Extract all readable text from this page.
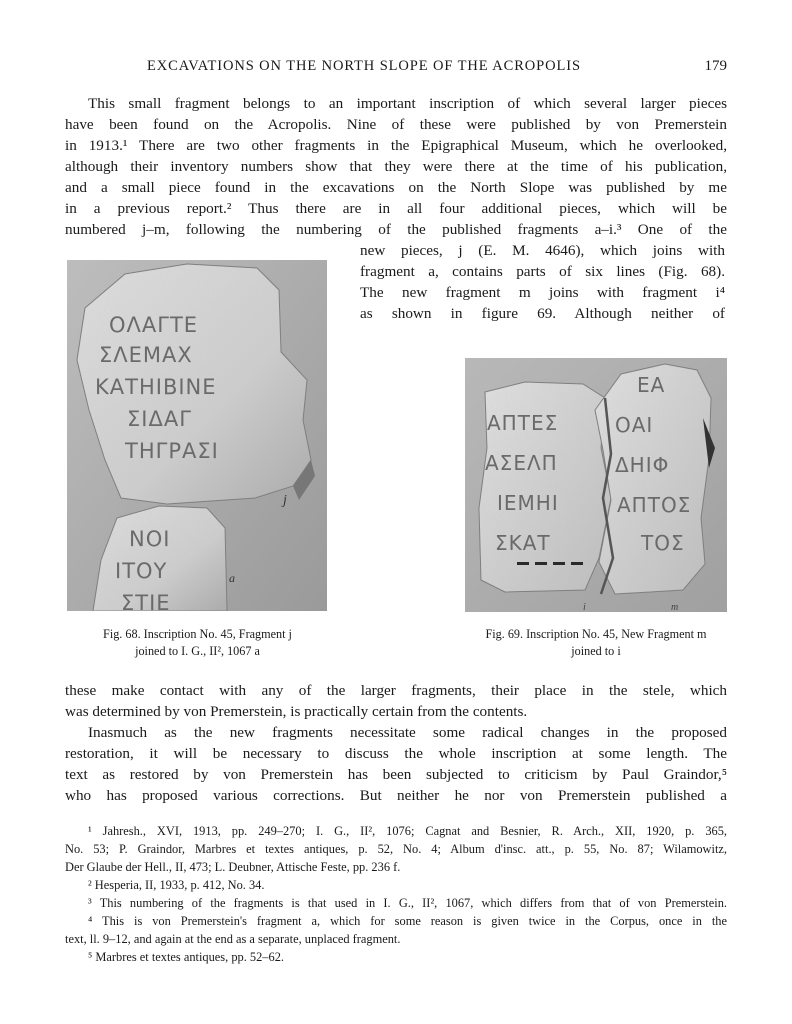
EXCAVATIONS ON THE NORTH SLOPE OF THE ACROPOLIS	179
This small fragment belongs to an important inscription of which several larger pieces
have been found on the Acropolis. Nine of these were published by von Premerstein
in 1913.¹ There are two other fragments in the Epigraphical Museum, which he overlooked,
although their inventory numbers show that they were there at the time of his publication,
and a small piece found in the excavations on the North Slope was published by me
in a previous report.² Thus there are in all four additional pieces, which will be
numbered j–m, following the numbering of the published fragments a–i.³ One of the
new pieces, j (E. M. 4646), which joins with
fragment a, contains parts of six lines (Fig. 68).
The new fragment m joins with fragment i⁴
as shown in figure 69. Although neither of
ΟΛΑΓΤΕ
ΣΛΕΜΑΧ
ΚΑΤΗΙΒΙΝΕ
ΣΙΔΑΓ
ΤΗΓΡΑΣΙ
ΝΟΙ
ΙΤΟΥ
ΣΤΙΕ
j
a
ΑΠΤΕΣ
ΑΣΕΛΠ
ΙΕΜΗΙ
ΣΚΑΤ
ΕΑ
ΟΑΙ
ΔΗΙΦ
ΑΠΤΟΣ
ΤΟΣ
i	m
Fig. 68. Inscription No. 45, Fragment j
joined to I. G., II², 1067 a
Fig. 69. Inscription No. 45, New Fragment m
joined to i
these make contact with any of the larger fragments, their place in the stele, which
was determined by von Premerstein, is practically certain from the contents.
Inasmuch as the new fragments necessitate some radical changes in the proposed
restoration, it will be necessary to discuss the whole inscription at some length. The
text as restored by von Premerstein has been subjected to criticism by Paul Graindor,⁵
who has proposed various corrections. But neither he nor von Premerstein published a
¹ Jahresh., XVI, 1913, pp. 249–270; I. G., II², 1076; Cagnat and Besnier, R. Arch., XII, 1920, p. 365,
No. 53; P. Graindor, Marbres et textes antiques, p. 52, No. 4; Album d'insc. att., p. 55, No. 87; Wilamowitz,
Der Glaube der Hell., II, 473; L. Deubner, Attische Feste, pp. 236 f.
² Hesperia, II, 1933, p. 412, No. 34.
³ This numbering of the fragments is that used in I. G., II², 1067, which differs from that of von Premerstein.
⁴ This is von Premerstein's fragment a, which for some reason is given twice in the Corpus, once in the
text, ll. 9–12, and again at the end as a separate, unplaced fragment.
⁵ Marbres et textes antiques, pp. 52–62.
